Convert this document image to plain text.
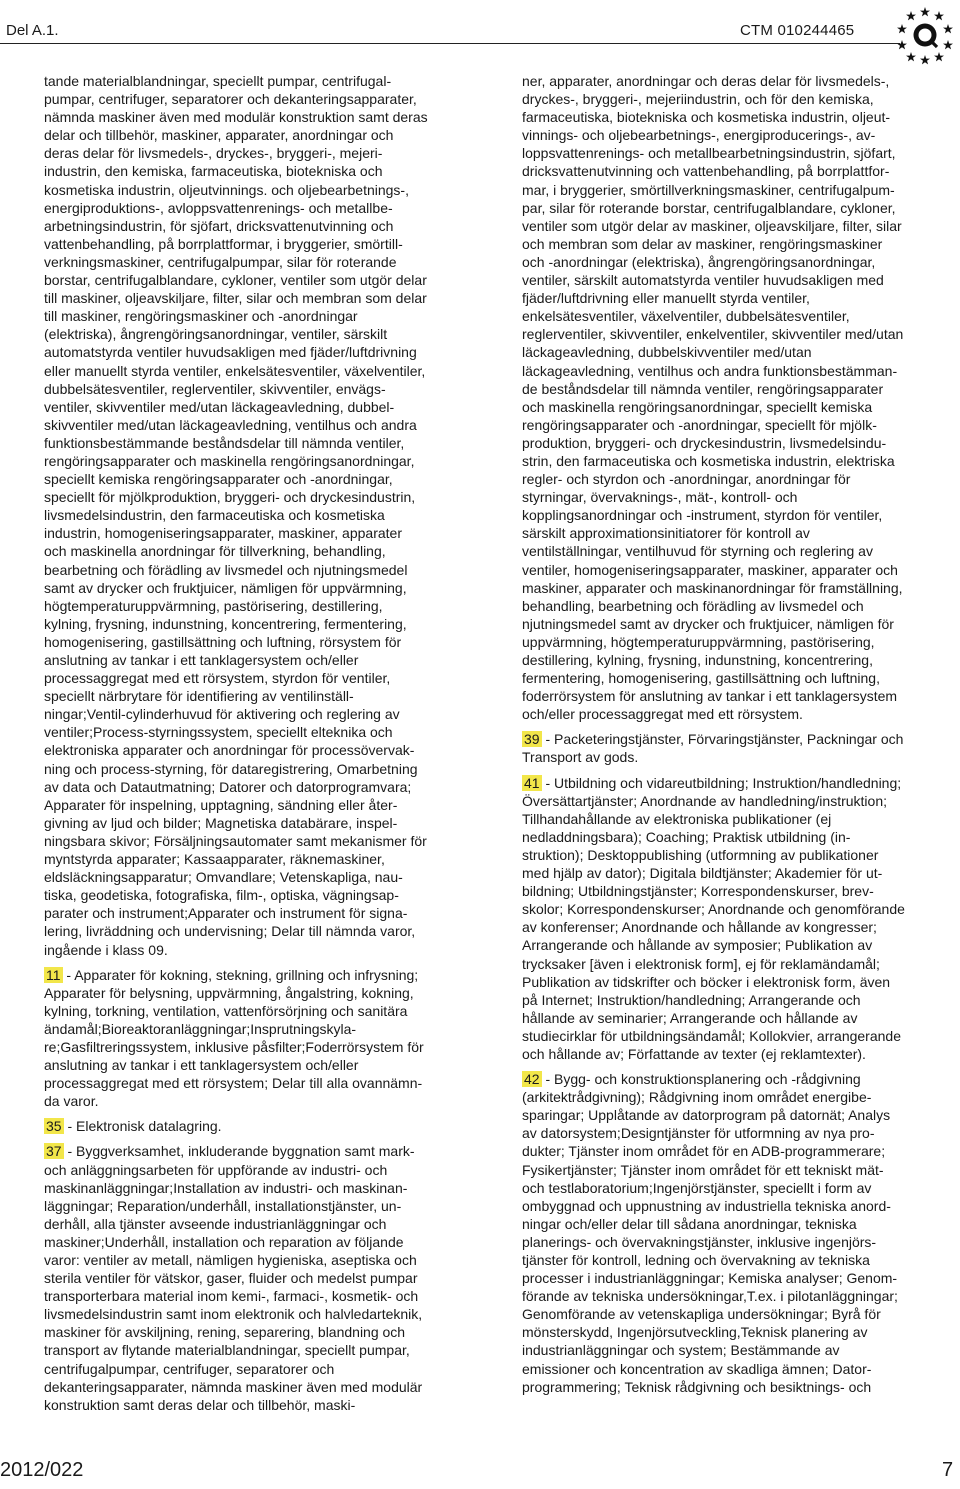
Del A.1.	CTM 010244465

tande materialblandningar, speciellt pumpar, centrifugalpumpar, centrifuger, separatorer och dekanteringsapparater, nämnda maskiner även med modulär konstruktion samt deras delar och tillbehör, maskiner, apparater, anordningar och deras delar för livsmedels-, dryckes-, bryggeri-, mejeriindustrin, den kemiska, farmaceutiska, biotekniska och kosmetiska industrin, oljeutvinnings. och oljebearbetnings-, energiproduktions-, avloppsvattenrenings- och metallbearbetningsindustrin, för sjöfart, dricksvattenutvinning och vattenbehandling, på borrplattformar, i bryggerier, smörtillverkningsmaskiner, centrifugalpumpar, silar för roterande borstar, centrifugalblandare, cykloner, ventiler som utgör delar till maskiner, oljeavskiljare, filter, silar och membran som delar till maskiner, rengöringsmaskiner och -anordningar (elektriska), ångrengöringsanordningar, ventiler, särskilt automatstyrda ventiler huvudsakligen med fjäder/luftdrivning eller manuellt styrda ventiler, enkelsätesventiler, växelventiler, dubbelsätesventiler, reglerventiler, skivventiler, envägsventiler, skivventiler med/utan läckageavledning, dubbelskivventiler med/utan läckageavledning, ventilhus och andra funktionsbestämmande beståndsdelar till nämnda ventiler, rengöringsapparater och maskinella rengöringsanordningar, speciellt kemiska rengöringsapparater och -anordningar, speciellt för mjölkproduktion, bryggeri- och dryckesindustrin, livsmedelsindustrin, den farmaceutiska och kosmetiska industrin, homogeniseringsapparater, maskiner, apparater och maskinella anordningar för tillverkning, behandling, bearbetning och förädling av livsmedel och njutningsmedel samt av drycker och fruktjuicer, nämligen för uppvärmning, högtemperaturuppvärmning, pastörisering, destillering, kylning, frysning, indunstning, koncentrering, fermentering, homogenisering, gastillsättning och luftning, rörsystem för anslutning av tankar i ett tanklagersystem och/eller processaggregat med ett rörsystem, styrdon för ventiler, speciellt närbrytare för identifiering av ventilinställningar;Ventil-cylinderhuvud för aktivering och reglering av ventiler;Process-styrningssystem, speciellt elteknika och elektroniska apparater och anordningar för processövervakning och process-styrning, för dataregistrering, Omarbetning av data och Datautmatning; Datorer och datorprogramvara; Apparater för inspelning, upptagning, sändning eller återgivning av ljud och bilder; Magnetiska databärare, inspelningsbara skivor; Försäljningsautomater samt mekanismer för myntstyrda apparater; Kassaapparater, räknemaskiner, eldsläckningsapparatur; Omvandlare; Vetenskapliga, nautiska, geodetiska, fotografiska, film-, optiska, vägningsapparater och instrument;Apparater och instrument för signalering, livräddning och undervisning; Delar till nämnda varor, ingående i klass 09.

11 - Apparater för kokning, stekning, grillning och infrysning; Apparater för belysning, uppvärmning, ångalstring, kokning, kylning, torkning, ventilation, vattenförsörjning och sanitära ändamål;Bioreaktoranläggningar;Insprutningskylare;Gasfiltreringssystem, inklusive påsfilter;Foderrörsystem för anslutning av tankar i ett tanklagersystem och/eller processaggregat med ett rörsystem; Delar till alla ovannämnda varor.

35 - Elektronisk datalagring.

37 - Byggverksamhet, inkluderande byggnation samt mark- och anläggningsarbeten för uppförande av industri- och maskinanläggningar;Installation av industri- och maskinanläggningar; Reparation/underhåll, installationstjänster, underhåll, alla tjänster avseende industrianläggningar och maskiner;Underhåll, installation och reparation av följande varor: ventiler av metall, nämligen hygieniska, aseptiska och sterila ventiler för vätskor, gaser, fluider och medelst pumpar transporterbara material inom kemi-, farmaci-, kosmetik- och livsmedelsindustrin samt inom elektronik och halvledarteknik, maskiner för avskiljning, rening, separering, blandning och transport av flytande materialblandningar, speciellt pumpar, centrifugalpumpar, centrifuger, separatorer och dekanteringsapparater, nämnda maskiner även med modulär konstruktion samt deras delar och tillbehör, maski-

ner, apparater, anordningar och deras delar för livsmedels-, dryckes-, bryggeri-, mejeriindustrin, och för den kemiska, farmaceutiska, biotekniska och kosmetiska industrin, oljeutvinnings- och oljebearbetnings-, energiproducerings-, avloppsvattenrenings- och metallbearbetningsindustrin, sjöfart, dricksvattenutvinning och vattenbehandling, på borrplattformar, i bryggerier, smörtillverkningsmaskiner, centrifugalpumpar, silar för roterande borstar, centrifugalblandare, cykloner, ventiler som utgör delar av maskiner, oljeavskiljare, filter, silar och membran som delar av maskiner, rengöringsmaskiner och -anordningar (elektriska), ångrengöringsanordningar, ventiler, särskilt automatstyrda ventiler huvudsakligen med fjäder/luftdrivning eller manuellt styrda ventiler, enkelsätesventiler, växelventiler, dubbelsätesventiler, reglerventiler, skivventiler, enkelventiler, skivventiler med/utan läckageavledning, dubbelskivventiler med/utan läckageavledning, ventilhus och andra funktionsbestämmande beståndsdelar till nämnda ventiler, rengöringsapparater och maskinella rengöringsanordningar, speciellt kemiska rengöringsapparater och -anordningar, speciellt för mjölkproduktion, bryggeri- och dryckesindustrin, livsmedelsindustrin, den farmaceutiska och kosmetiska industrin, elektriska regler- och styrdon och -anordningar, anordningar för styrningar, övervaknings-, mät-, kontroll- och kopplingsanordningar och -instrument, styrdon för ventiler, särskilt approximationsinitiatorer för kontroll av ventilställningar, ventilhuvud för styrning och reglering av ventiler, homogeniseringsapparater, maskiner, apparater och maskiner, apparater och maskinanordningar för framställning, behandling, bearbetning och förädling av livsmedel och njutningsmedel samt av drycker och fruktjuicer, nämligen för uppvärmning, högtemperaturuppvärmning, pastörisering, destillering, kylning, frysning, indunstning, koncentrering, fermentering, homogenisering, gastillsättning och luftning, foderrörsystem för anslutning av tankar i ett tanklagersystem och/eller processaggregat med ett rörsystem.

39 - Packeteringstjänster, Förvaringstjänster, Packningar och Transport av gods.

41 - Utbildning och vidareutbildning; Instruktion/handledning; Översättartjänster; Anordnande av handledning/instruktion; Tillhandahållande av elektroniska publikationer (ej nedladdningsbara); Coaching; Praktisk utbildning (instruktion); Desktoppublishing (utformning av publikationer med hjälp av dator); Digitala bildtjänster; Akademier för utbildning; Utbildningstjänster; Korrespondenskurser, brevskolor; Korrespondenskurser; Anordnande och genomförande av konferenser; Anordnande och hållande av kongresser; Arrangerande och hållande av symposier; Publikation av trycksaker [även i elektronisk form], ej för reklamändamål; Publikation av tidskrifter och böcker i elektronisk form, även på Internet; Instruktion/handledning; Arrangerande och hållande av seminarier; Arrangerande och hållande av studiecirklar för utbildningsändamål; Kollokvier, arrangerande och hållande av; Författande av texter (ej reklamtexter).

42 - Bygg- och konstruktionsplanering och -rådgivning (arkitektrådgivning); Rådgivning inom området energibesparingar; Upplåtande av datorprogram på datornät; Analys av datorsystem;Designtjänster för utformning av nya produkter; Tjänster inom området för en ADB-programmerare; Fysikertjänster; Tjänster inom området för ett tekniskt mät- och testlaboratorium;Ingenjörstjänster, speciellt i form av ombyggnad och uppnustning av industriella tekniska anordningar och/eller delar till sådana anordningar, tekniska planerings- och övervakningstjänster, inklusive ingenjörstjänster för kontroll, ledning och övervakning av tekniska processer i industrianläggningar; Kemiska analyser; Genomförande av tekniska undersökningar,T.ex. i pilotanläggningar; Genomförande av vetenskapliga undersökningar; Byrå för mönsterskydd, Ingenjörsutveckling,Teknisk planering av industrianläggningar och system; Bestämmande av emissioner och koncentration av skadliga ämnen; Datorprogrammering; Teknisk rådgivning och besiktnings- och

2012/022	7
